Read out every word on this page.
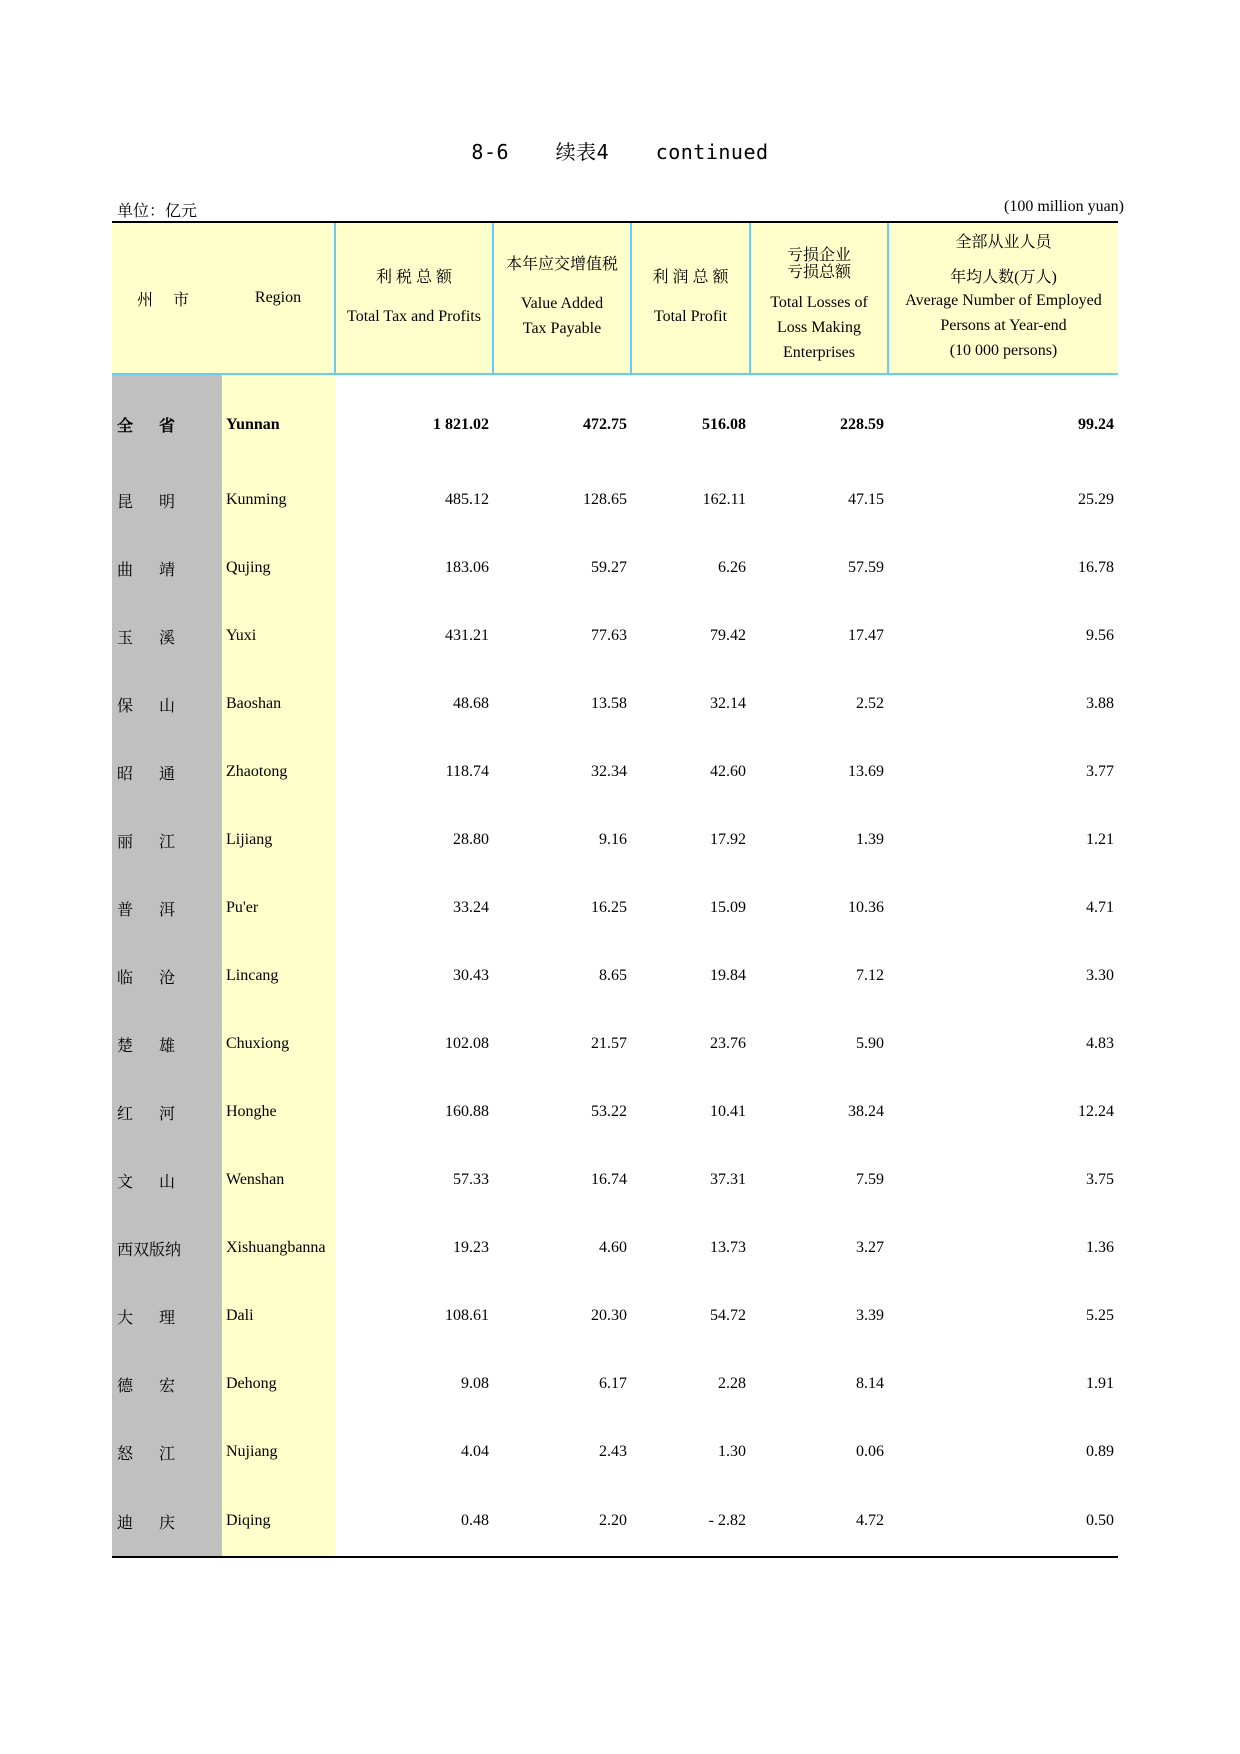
8-6 续表4 continued
单位：亿元	(100 million yuan)
州 市	Region	利 税 总 额
Total Tax and Profits	本年应交增值税
Value Added
Tax Payable	利 润 总 额
Total Profit	亏损企业
亏损总额
Total Losses of
Loss Making
Enterprises	全部从业人员
年均人数(万人)
Average Number of Employed
Persons at Year-end
(10 000 persons)

全省	Yunnan	1 821.02	472.75	516.08	228.59	99.24
昆明	Kunming	485.12	128.65	162.11	47.15	25.29
曲靖	Qujing	183.06	59.27	6.26	57.59	16.78
玉溪	Yuxi	431.21	77.63	79.42	17.47	9.56
保山	Baoshan	48.68	13.58	32.14	2.52	3.88
昭通	Zhaotong	118.74	32.34	42.60	13.69	3.77
丽江	Lijiang	28.80	9.16	17.92	1.39	1.21
普洱	Pu'er	33.24	16.25	15.09	10.36	4.71
临沧	Lincang	30.43	8.65	19.84	7.12	3.30
楚雄	Chuxiong	102.08	21.57	23.76	5.90	4.83
红河	Honghe	160.88	53.22	10.41	38.24	12.24
文山	Wenshan	57.33	16.74	37.31	7.59	3.75
西双版纳	Xishuangbanna	19.23	4.60	13.73	3.27	1.36
大理	Dali	108.61	20.30	54.72	3.39	5.25
德宏	Dehong	9.08	6.17	2.28	8.14	1.91
怒江	Nujiang	4.04	2.43	1.30	0.06	0.89
迪庆	Diqing	0.48	2.20	- 2.82	4.72	0.50
